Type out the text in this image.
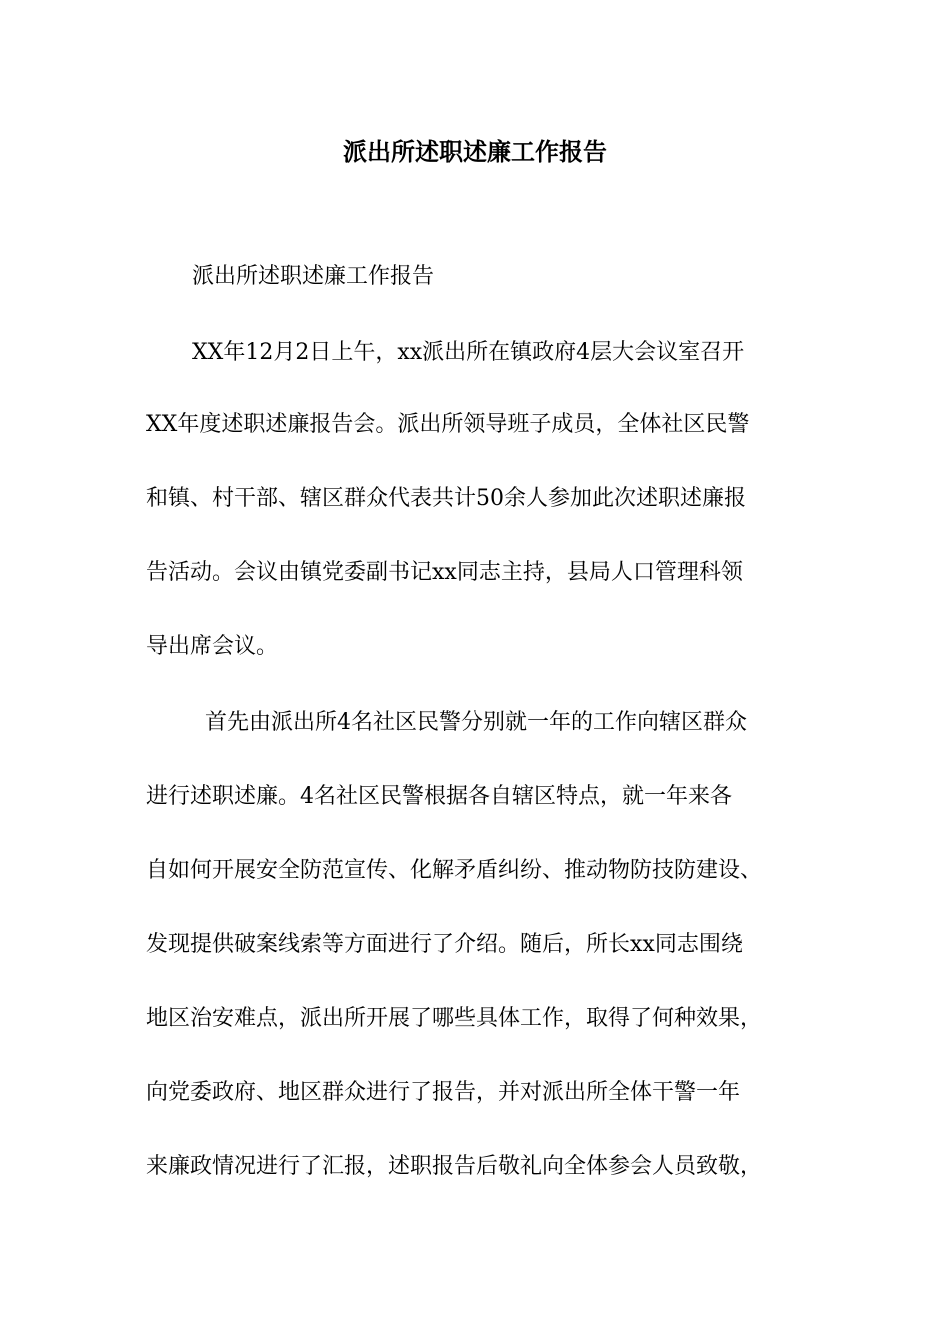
派出所述职述廉工作报告
派出所述职述廉工作报告
XX年12月2日上午，xx派出所在镇政府4层大会议室召开
XX年度述职述廉报告会。派出所领导班子成员，全体社区民警
和镇、村干部、辖区群众代表共计50余人参加此次述职述廉报
告活动。会议由镇党委副书记xx同志主持，县局人口管理科领
导出席会议。
首先由派出所4名社区民警分别就一年的工作向辖区群众
进行述职述廉。4名社区民警根据各自辖区特点，就一年来各
自如何开展安全防范宣传、化解矛盾纠纷、推动物防技防建设、
发现提供破案线索等方面进行了介绍。随后，所长xx同志围绕
地区治安难点，派出所开展了哪些具体工作，取得了何种效果，
向党委政府、地区群众进行了报告，并对派出所全体干警一年
来廉政情况进行了汇报，述职报告后敬礼向全体参会人员致敬，
